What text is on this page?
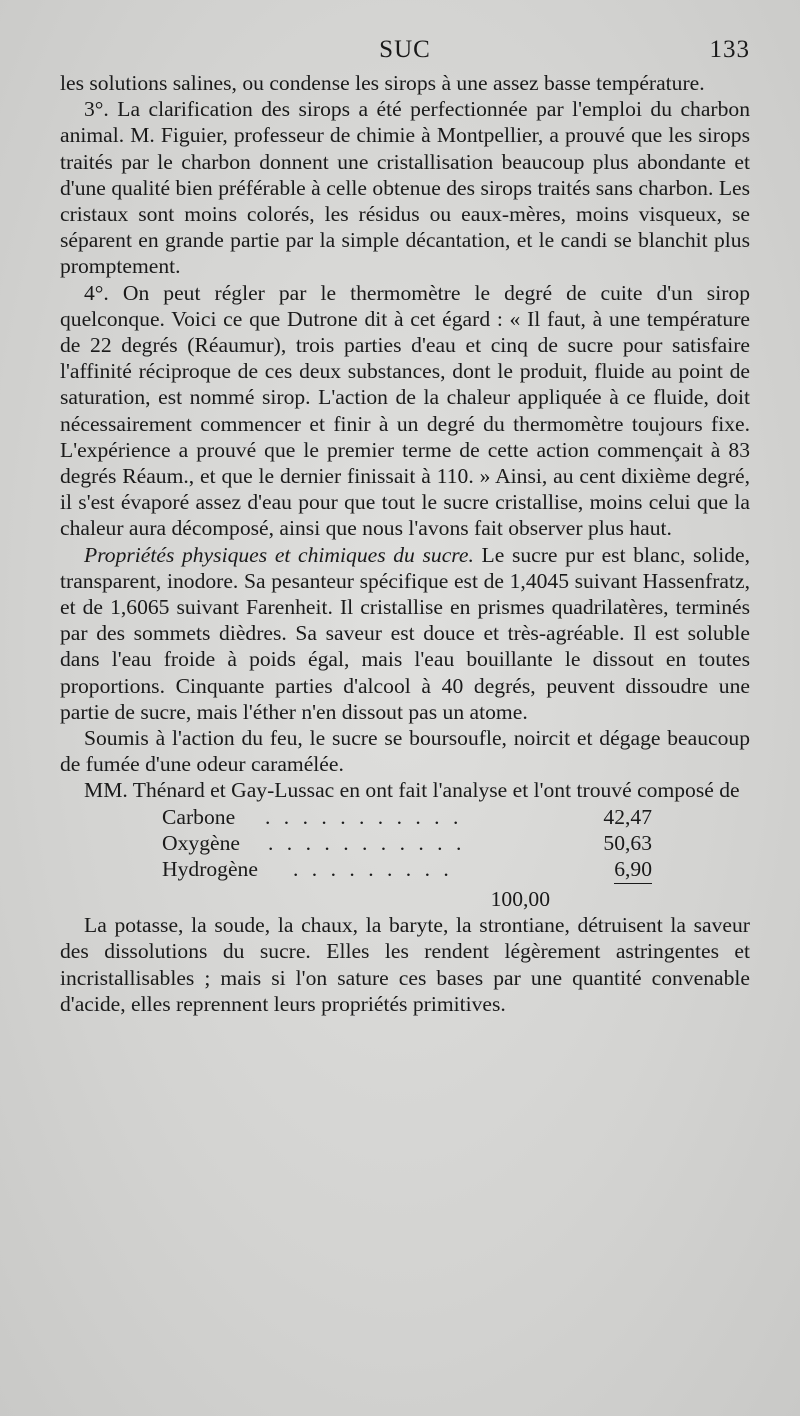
SUC	133

les solutions salines, ou condense les sirops à une assez basse température.

3°. La clarification des sirops a été perfectionnée par l'emploi du charbon animal. M. Figuier, professeur de chimie à Montpellier, a prouvé que les sirops traités par le charbon donnent une cristallisation beaucoup plus abondante et d'une qualité bien préférable à celle obtenue des sirops traités sans charbon. Les cristaux sont moins colorés, les résidus ou eaux-mères, moins visqueux, se séparent en grande partie par la simple décantation, et le candi se blanchit plus promptement.

4°. On peut régler par le thermomètre le degré de cuite d'un sirop quelconque. Voici ce que Dutrone dit à cet égard : « Il faut, à une température de 22 degrés (Réaumur), trois parties d'eau et cinq de sucre pour satisfaire l'affinité réciproque de ces deux substances, dont le produit, fluide au point de saturation, est nommé sirop. L'action de la chaleur appliquée à ce fluide, doit nécessairement commencer et finir à un degré du thermomètre toujours fixe. L'expérience a prouvé que le premier terme de cette action commençait à 83 degrés Réaum., et que le dernier finissait à 110. » Ainsi, au cent dixième degré, il s'est évaporé assez d'eau pour que tout le sucre cristallise, moins celui que la chaleur aura décomposé, ainsi que nous l'avons fait observer plus haut.

Propriétés physiques et chimiques du sucre. Le sucre pur est blanc, solide, transparent, inodore. Sa pesanteur spécifique est de 1,4045 suivant Hassenfratz, et de 1,6065 suivant Farenheit. Il cristallise en prismes quadrilatères, terminés par des sommets dièdres. Sa saveur est douce et très-agréable. Il est soluble dans l'eau froide à poids égal, mais l'eau bouillante le dissout en toutes proportions. Cinquante parties d'alcool à 40 degrés, peuvent dissoudre une partie de sucre, mais l'éther n'en dissout pas un atome.

Soumis à l'action du feu, le sucre se boursoufle, noircit et dégage beaucoup de fumée d'une odeur caramélée.

MM. Thénard et Gay-Lussac en ont fait l'analyse et l'ont trouvé composé de

Carbone . . . . . . . . . . .	42,47
Oxygène . . . . . . . . . . .	50,63
Hydrogène . . . . . . . . .	6,90
100,00

La potasse, la soude, la chaux, la baryte, la strontiane, détruisent la saveur des dissolutions du sucre. Elles les rendent légèrement astringentes et incristallisables ; mais si l'on sature ces bases par une quantité convenable d'acide, elles reprennent leurs propriétés primitives.
